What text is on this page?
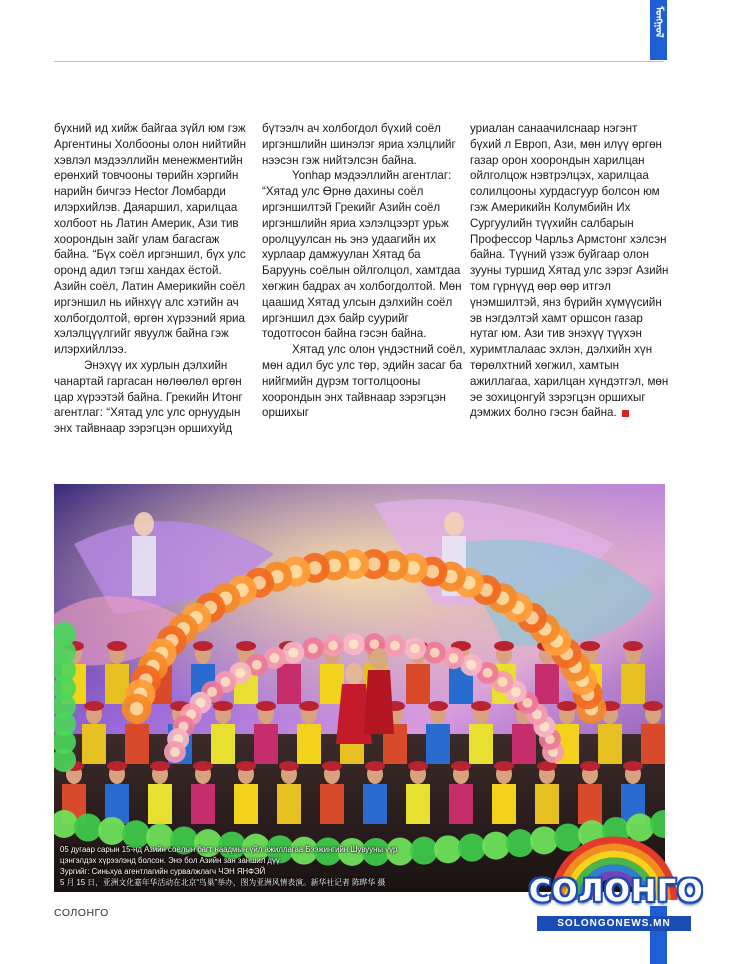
ᠮᠣᠩᠭᠣᠯ

бүхний ид хийж байгаа зүйл юм гэж Аргентины Холбооны олон нийтийн хэвлэл мэдээллийн менежментийн ерөнхий товчооны төрийн хэргийн нарийн бичгээ Hector Ломбарди илэрхийлэв. Даяаршил, харилцаа холбоот нь Латин Америк, Ази тив хоорондын зайг улам багасгаж байна. “Бүх соёл иргэншил, бүх улс оронд адил тэгш хандах ёстой. Азийн соёл, Латин Америкийн соёл иргэншил нь ийнхүү алс хэтийн ач холбогдолтой, өргөн хүрээний яриа хэлэлцүүлгийг явуулж байна гэж илэрхийллээ.

Энэхүү их хурлын дэлхийн чанартай гаргасан нөлөөлөл өргөн цар хүрээтэй байна. Грекийн Итонг агентлаг: “Хятад улс улс орнуудын энх тайвнаар зэрэгцэн оршихуйд

бүтээлч ач холбогдол бүхий соёл иргэншлийн шинэлэг яриа хэлцлийг нээсэн гэж нийтэлсэн байна.

Yonhap мэдээллийн агентлаг: “Хятад улс Өрнө дахины соёл иргэншилтэй Грекийг Азийн соёл иргэншлийн яриа хэлэлцээрт урьж оролцуулсан нь энэ удаагийн их хурлаар дамжуулан Хятад ба Баруунь соёлын ойлголцол, хамтдаа хөгжин бадрах ач холбогдолтой. Мөн цаашид Хятад улсын дэлхийн соёл иргэншил дэх байр суурийг тодотгосон байна гэсэн байна.

Хятад улс олон үндэстний соёл, мөн адил бус улс төр, эдийн засаг ба нийгмийн дүрэм тогтолцооны хоорондын энх тайвнаар зэрэгцэн оршихыг

уриалан санаачилснаар нэгэнт бүхий л Европ, Ази, мөн илүү өргөн газар орон хоорондын харилцан ойлголцож нэвтрэлцэх, харилцаа солилцооны хурдасгуур болсон юм гэж Америкийн Колумбийн Их Сургуулийн түүхийн салбарын Профессор Чарльз Армстонг хэлсэн байна. Түүний үзэж буйгаар олон зууны туршид Хятад улс зэрэг Азийн том гүрнүүд өөр өөр итгэл үнэмшилтэй, янз бүрийн хүмүүсийн эв нэгдэлтэй хамт оршсон газар нутаг юм. Ази тив энэхүү түүхэн хуримтлалаас эхлэн, дэлхийн хүн төрөлхтний хөгжил, хамтын ажиллагаа, харилцан хүндэтгэл, мөн эе зохицонгуй зэрэгцэн оршихыг дэмжих болно гэсэн байна.

05 дугаар сарын 15-нд Азийн соёлын багт наадмын үйл ажиллагаа Бээжингийн Шувууны үүр
цэнгэлдэх хүрээлэнд болсон. Энэ бол Азийн зан заншил дүү
Зургийг: Синьхуа агентлагийн сурвалжлагч ЧЭН ЯНФЭЙ
5 月 15 日，亚洲文化嘉年华活动在北京“鸟巢”举办，图为亚洲风情表演。新华社记者 陈晔华 摄
СОЛОНГО
СОЛОНГО
SOLONGONEWS.MN
